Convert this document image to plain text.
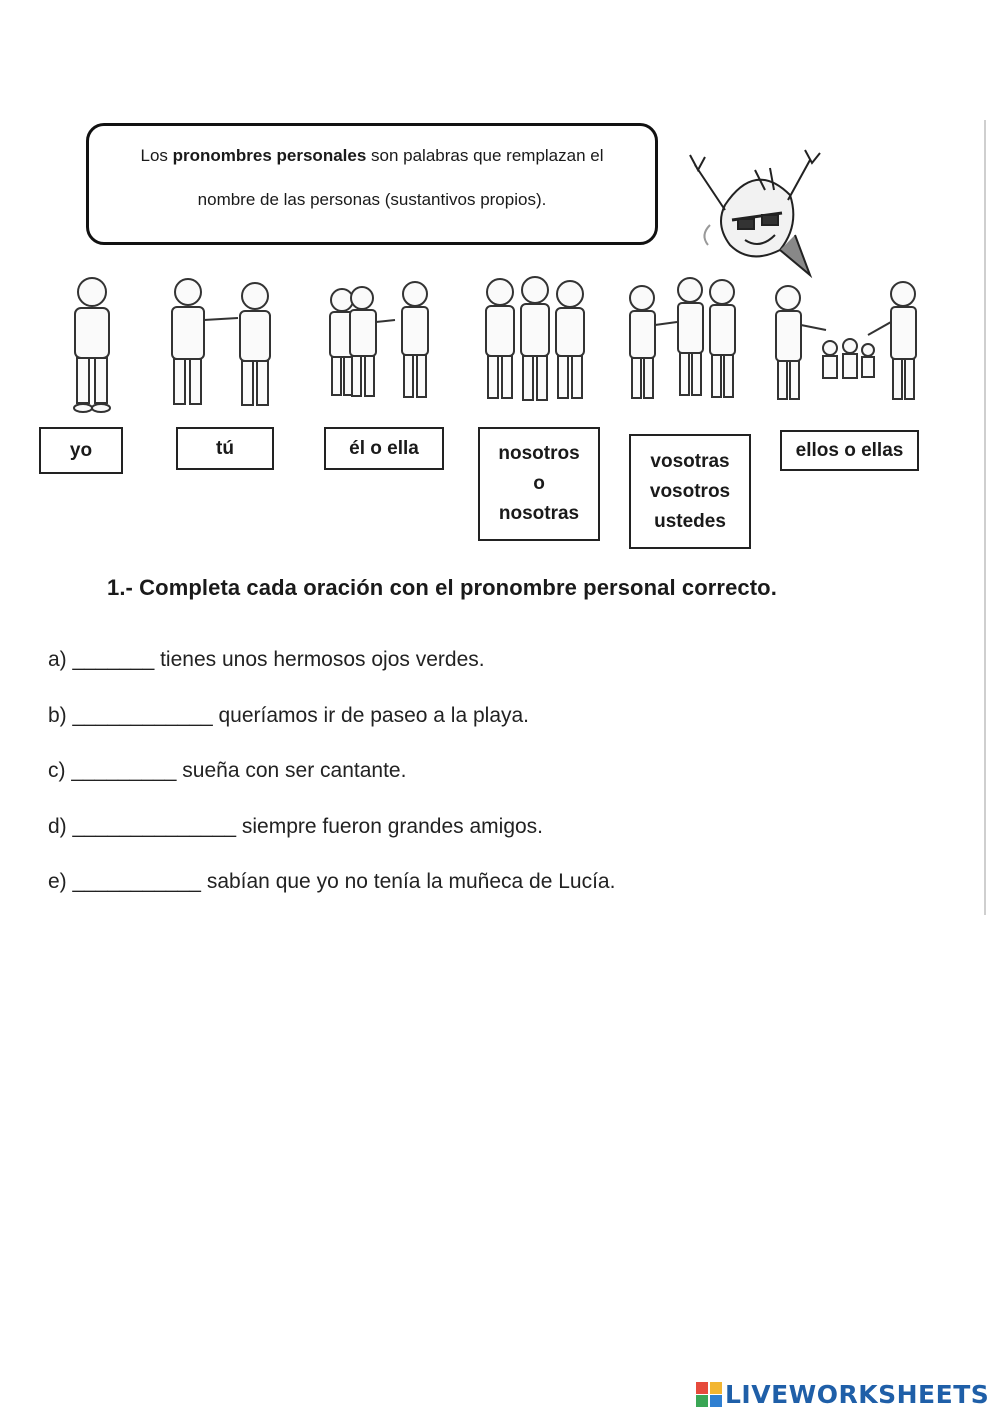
Los pronombres personales son palabras que remplazan el
nombre de las personas (sustantivos propios).
yo	tú	él o ella	nosotros
o
nosotras
vosotras
vosotros
ustedes
ellos o ellas
1.- Completa cada oración con el pronombre personal correcto.
a) _______ tienes unos hermosos ojos verdes.
b) ____________ queríamos ir de paseo a la playa.
c) _________ sueña con ser cantante.
d) ______________ siempre fueron grandes amigos.
e) ___________ sabían que yo no tenía la muñeca de Lucía.
LIVEWORKSHEETS
